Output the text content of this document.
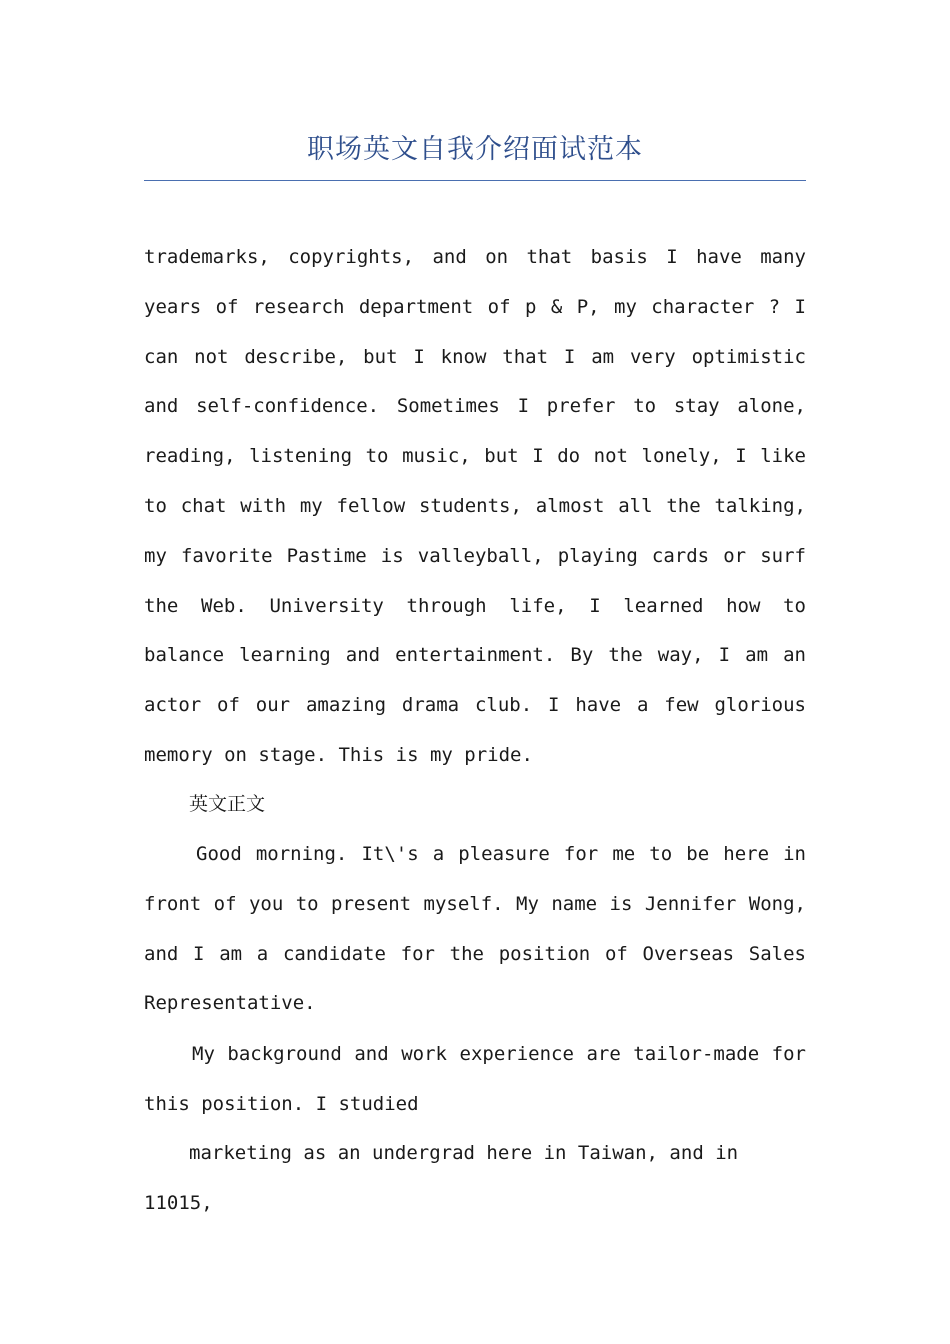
职场英文自我介绍面试范本

trademarks, copyrights, and on that basis I have many years of research department of p & P, my character ? I can not describe, but I know that I am very optimistic and self-confidence. Sometimes I prefer to stay alone, reading, listening to music, but I do not lonely, I like to chat with my fellow students, almost all the talking, my favorite Pastime is valleyball, playing cards or surf the Web. University through life, I learned how to balance learning and entertainment. By the way, I am an actor of our amazing drama club. I have a few glorious memory on stage. This is my pride.

英文正文

Good morning. It\'s a pleasure for me to be here in front of you to present myself. My name is Jennifer Wong, and I am a candidate for the position of Overseas Sales Representative.

My background and work experience are tailor-made for this position. I studied

marketing as an undergrad here in Taiwan, and in 11015,
